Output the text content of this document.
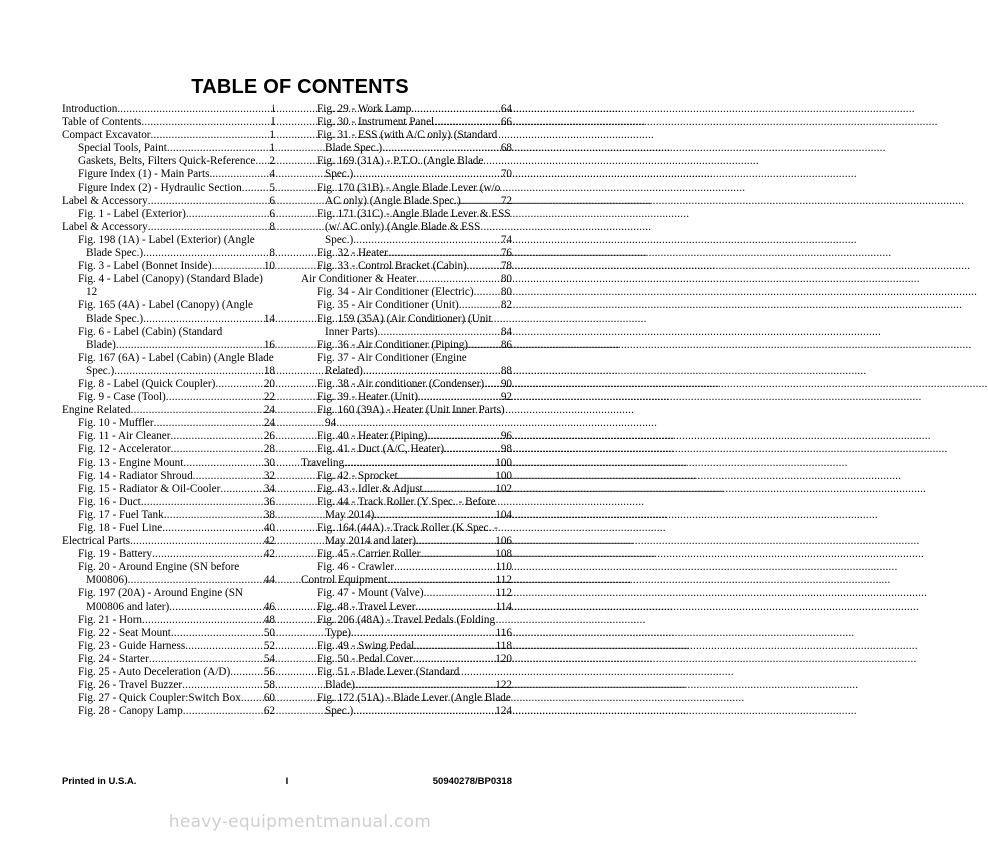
TABLE OF CONTENTS
Introduction .....	i
Table of Contents .....	I
Compact Excavator .....	1
Special Tools, Paint .....	1
Gaskets, Belts, Filters Quick-Reference ..... 2
Figure Index (1) - Main Parts .....	4
Figure Index (2) - Hydraulic Section ..... 5
Label & Accessory .....	6
Fig. 1 - Label (Exterior) .....	6
Label & Accessory .....	8
Fig. 198 (1A) - Label (Exterior) (Angle
Blade Spec.) .....	8
Fig. 3 - Label (Bonnet Inside) .....	10
Fig. 4 - Label (Canopy) (Standard Blade)
12
Fig. 165 (4A) - Label (Canopy) (Angle
Blade Spec.) .....	14
Fig. 6 - Label (Cabin) (Standard
Blade) .....	16
Fig. 167 (6A) - Label (Cabin) (Angle Blade
Spec.) .....	18
Fig. 8 - Label (Quick Coupler) .....	20
Fig. 9 - Case (Tool) .....	22
Engine Related .....	24
Fig. 10 - Muffler .....	24
Fig. 11 - Air Cleaner .....	26
Fig. 12 - Accelerator .....	28
Fig. 13 - Engine Mount .....	30
Fig. 14 - Radiator Shroud .....	32
Fig. 15 - Radiator & Oil-Cooler .....	34
Fig. 16 - Duct .....	36
Fig. 17 - Fuel Tank .....	38
Fig. 18 - Fuel Line .....	40
Electrical Parts .....	42
Fig. 19 - Battery .....	42
Fig. 20 - Around Engine (SN before
M00806) .....	44
Fig. 197 (20A) - Around Engine (SN
M00806 and later) .....	46
Fig. 21 - Horn .....	48
Fig. 22 - Seat Mount .....	50
Fig. 23 - Guide Harness .....	52
Fig. 24 - Starter .....	54
Fig. 25 - Auto Deceleration (A/D) .....	56
Fig. 26 - Travel Buzzer .....	58
Fig. 27 - Quick Coupler:Switch Box ..... 60
Fig. 28 - Canopy Lamp .....	62
Fig. 29 - Work Lamp .....	64
Fig. 30 - Instrument Panel .....	66
Fig. 31 - ESS (with A/C only) (Standard
Blade Spec.) .....	68
Fig. 169 (31A) - P.T.O. (Angle Blade
Spec.) .....	70
Fig. 170 (31B) - Angle Blade Lever (w/o
AC only) (Angle Blade Spec.) .....	72
Fig. 171 (31C) - Angle Blade Lever & ESS
(w/ AC only) (Angle Blade & ESS
Spec.) .....	74
Fig. 32 - Heater .....	76
Fig. 33 - Control Bracket (Cabin) .....	78
Air Conditioner & Heater .....	80
Fig. 34 - Air Conditioner (Electric) ..... 80
Fig. 35 - Air Conditioner (Unit) .....	82
Fig. 159 (35A) (Air Conditioner) (Unit
Inner Parts) .....	84
Fig. 36 - Air Conditioner (Piping) .....	86
Fig. 37 - Air Conditioner (Engine
Related) .....	88
Fig. 38 - Air conditioner (Condenser) ..... 90
Fig. 39 - Heater (Unit) .....	92
Fig. 160 (39A) - Heater (Unit Inner Parts)
94
Fig. 40 - Heater (Piping) .....	96
Fig. 41 - Duct (A/C, Heater) .....	98
Traveling .....	100
Fig. 42 - Sprocket .....	100
Fig. 43 - Idler & Adjust .....	102
Fig. 44 - Track Roller (Y Spec. - Before
May 2014) .....	104
Fig. 164 (44A) - Track Roller (K Spec. -
May 2014 and later) .....	106
Fig. 45 - Carrier Roller .....	108
Fig. 46 - Crawler .....	110
Control Equipment .....	112
Fig. 47 - Mount (Valve) .....	112
Fig. 48 - Travel Lever .....	114
Fig. 206 (48A) - Travel Pedals (Folding
Type) .....	116
Fig. 49 - Swing Pedal .....	118
Fig. 50 - Pedal Cover .....	120
Fig. 51 - Blade Lever (Standard
Blade) .....	122
Fig. 172 (51A) - Blade Lever (Angle Blade
Spec.) .....	124
Printed in U.S.A.	I	50940278/BP0318
heavy-equipmentmanual.com
